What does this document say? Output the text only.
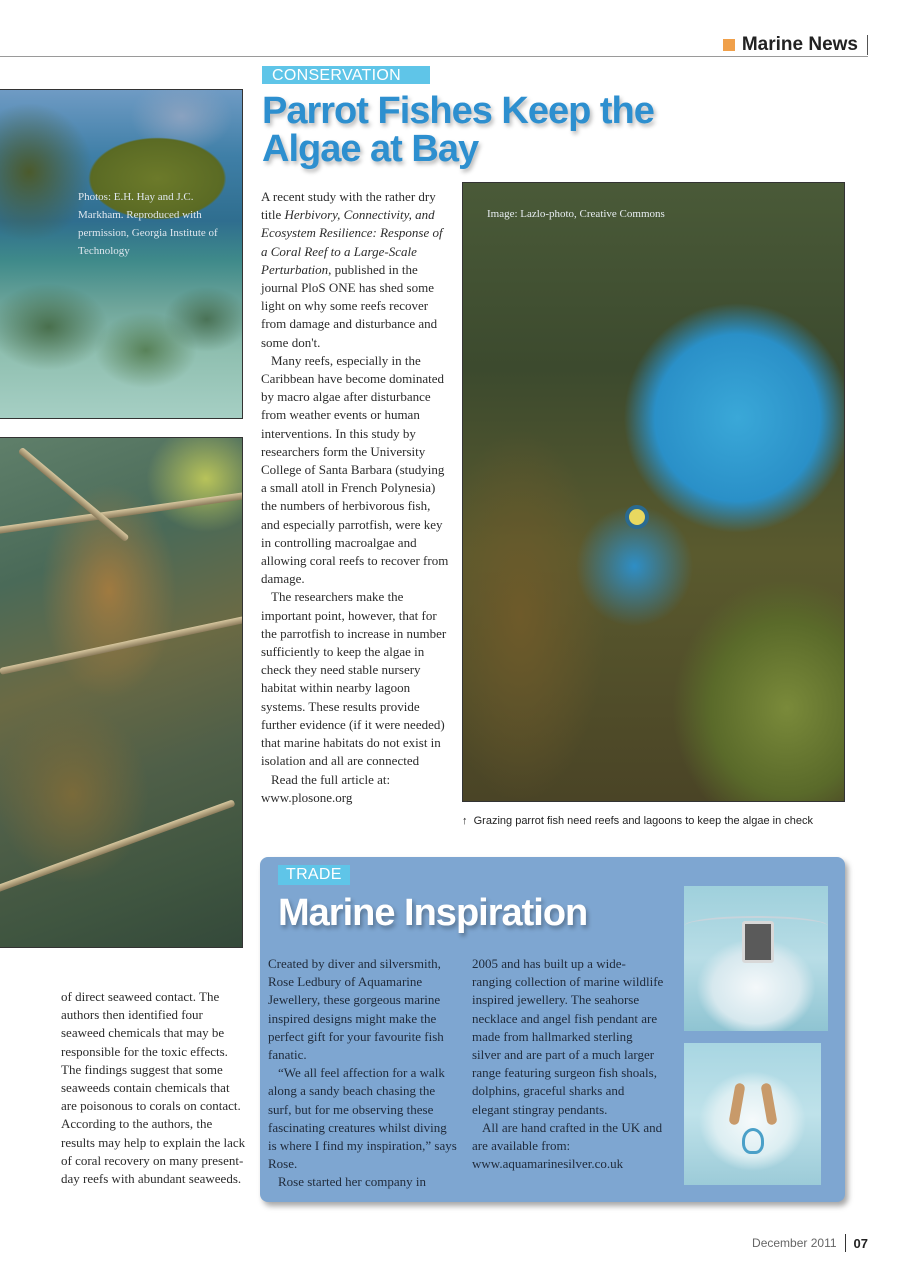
Marine News
CONSERVATION
Parrot Fishes Keep the Algae at Bay
Photos: E.H. Hay and J.C. Markham. Reproduced with permission, Georgia Institute of Technology
Image: Lazlo-photo, Creative Commons
↑ Grazing parrot fish need reefs and lagoons to keep the algae in check

A recent study with the rather dry title Herbivory, Connectivity, and Ecosystem Resilience: Response of a Coral Reef to a Large-Scale Perturbation, published in the journal PloS ONE has shed some light on why some reefs recover from damage and disturbance and some don't.

Many reefs, especially in the Caribbean have become dominated by macro algae after disturbance from weather events or human interventions. In this study by researchers form the University College of Santa Barbara (studying a small atoll in French Polynesia) the numbers of herbivorous fish, and especially parrotfish, were key in controlling macroalgae and allowing coral reefs to recover from damage.

The researchers make the important point, however, that for the parrotfish to increase in number sufficiently to keep the algae in check they need stable nursery habitat within nearby lagoon systems. These results provide further evidence (if it were needed) that marine habitats do not exist in isolation and all are connected

Read the full article at: www.plosone.org

of direct seaweed contact. The authors then identified four seaweed chemicals that may be responsible for the toxic effects.

The findings suggest that some seaweeds contain chemicals that are poisonous to corals on contact. According to the authors, the results may help to explain the lack of coral recovery on many present-day reefs with abundant seaweeds.

TRADE
Marine Inspiration

Created by diver and silversmith, Rose Ledbury of Aquamarine Jewellery, these gorgeous marine inspired designs might make the perfect gift for your favourite fish fanatic.

“We all feel affection for a walk along a sandy beach chasing the surf, but for me observing these fascinating creatures whilst diving is where I find my inspiration,” says Rose.

Rose started her company in

2005 and has built up a wide-ranging collection of marine wildlife inspired jewellery. The seahorse necklace and angel fish pendant are made from hallmarked sterling silver and are part of a much larger range featuring surgeon fish shoals, dolphins, graceful sharks and elegant stingray pendants.

All are hand crafted in the UK and are available from: www.aquamarinesilver.co.uk

December 2011 07
